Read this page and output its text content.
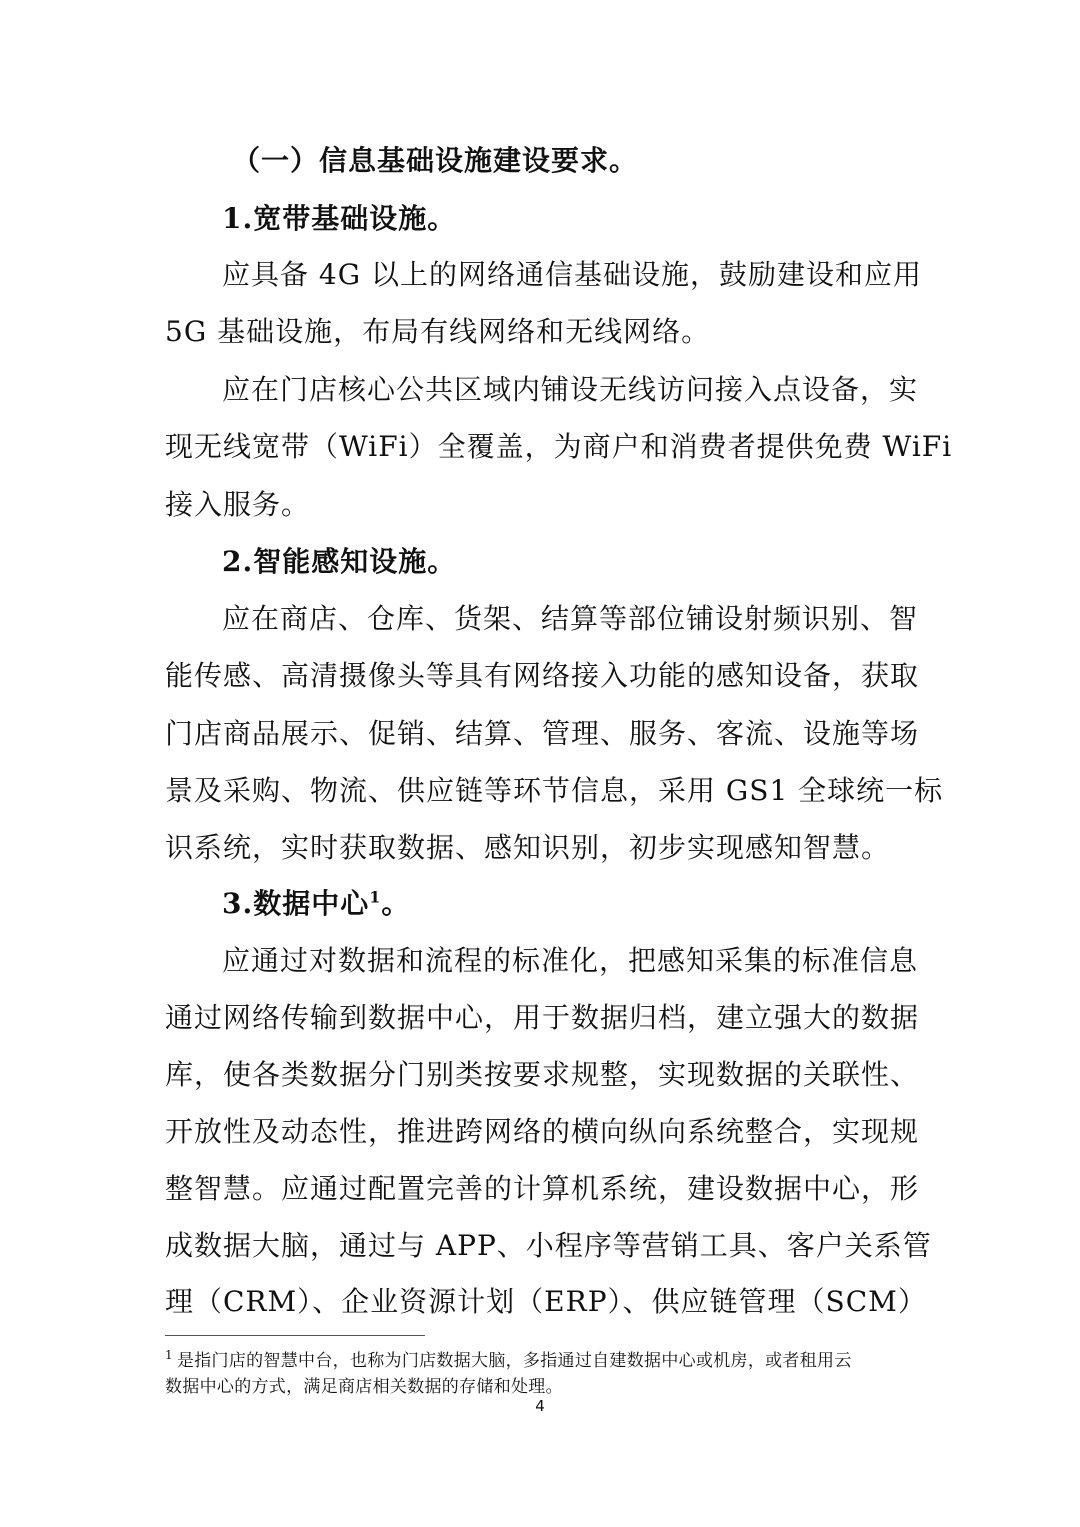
（一）信息基础设施建设要求。
1.宽带基础设施。
应具备 4G 以上的网络通信基础设施，鼓励建设和应用
5G 基础设施，布局有线网络和无线网络。
应在门店核心公共区域内铺设无线访问接入点设备，实
现无线宽带（WiFi）全覆盖，为商户和消费者提供免费 WiFi
接入服务。
2.智能感知设施。
应在商店、仓库、货架、结算等部位铺设射频识别、智
能传感、高清摄像头等具有网络接入功能的感知设备，获取
门店商品展示、促销、结算、管理、服务、客流、设施等场
景及采购、物流、供应链等环节信息，采用 GS1 全球统一标
识系统，实时获取数据、感知识别，初步实现感知智慧。
3.数据中心$^1$。
应通过对数据和流程的标准化，把感知采集的标准信息
通过网络传输到数据中心，用于数据归档，建立强大的数据
库，使各类数据分门别类按要求规整，实现数据的关联性、
开放性及动态性，推进跨网络的横向纵向系统整合，实现规
整智慧。应通过配置完善的计算机系统，建设数据中心，形
成数据大脑，通过与 APP、小程序等营销工具、客户关系管
理（CRM）、企业资源计划（ERP）、供应链管理（SCM）
$^1$ 是指门店的智慧中台，也称为门店数据大脑，多指通过自建数据中心或机房，或者租用云
数据中心的方式，满足商店相关数据的存储和处理。
4
